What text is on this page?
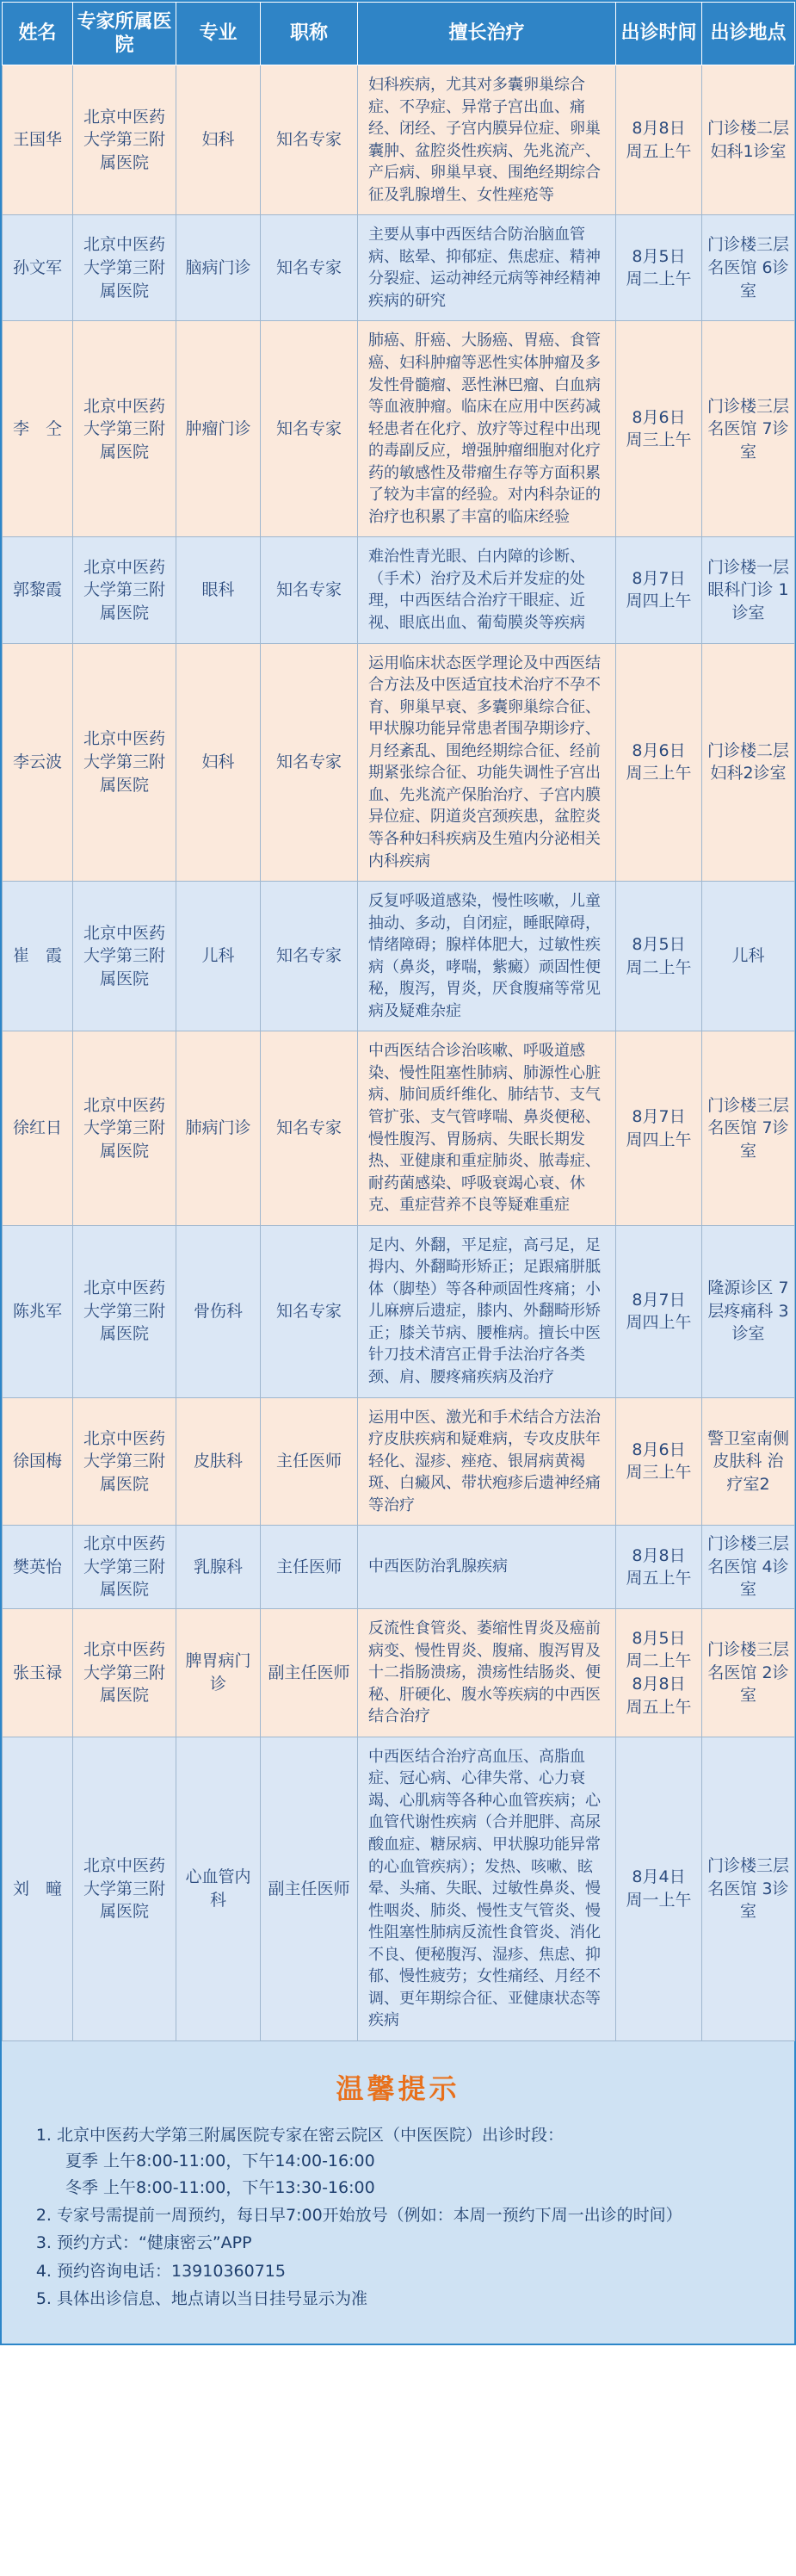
姓名	专家所属医院	专业	职称	擅长治疗	出诊时间	出诊地点
王国华	北京中医药大学第三附属医院	妇科	知名专家	妇科疾病，尤其对多囊卵巢综合症、不孕症、异常子宫出血、痛经、闭经、子宫内膜异位症、卵巢囊肿、盆腔炎性疾病、先兆流产、产后病、卵巢早衰、围绝经期综合征及乳腺增生、女性痤疮等	8月8日 周五上午	门诊楼二层 妇科1诊室
孙文军	北京中医药大学第三附属医院	脑病门诊	知名专家	主要从事中西医结合防治脑血管病、眩晕、抑郁症、焦虑症、精神分裂症、运动神经元病等神经精神疾病的研究	8月5日 周二上午	门诊楼三层 名医馆 6诊室
李　仝	北京中医药大学第三附属医院	肿瘤门诊	知名专家	肺癌、肝癌、大肠癌、胃癌、食管癌、妇科肿瘤等恶性实体肿瘤及多发性骨髓瘤、恶性淋巴瘤、白血病等血液肿瘤。临床在应用中医药减轻患者在化疗、放疗等过程中出现的毒副反应，增强肿瘤细胞对化疗药的敏感性及带瘤生存等方面积累了较为丰富的经验。对内科杂证的治疗也积累了丰富的临床经验	8月6日 周三上午	门诊楼三层 名医馆 7诊室
郭黎霞	北京中医药大学第三附属医院	眼科	知名专家	难治性青光眼、白内障的诊断、（手术）治疗及术后并发症的处理，中西医结合治疗干眼症、近视、眼底出血、葡萄膜炎等疾病	8月7日 周四上午	门诊楼一层 眼科门诊 1诊室
李云波	北京中医药大学第三附属医院	妇科	知名专家	运用临床状态医学理论及中西医结合方法及中医适宜技术治疗不孕不育、卵巢早衰、多囊卵巢综合征、甲状腺功能异常患者围孕期诊疗、月经紊乱、围绝经期综合征、经前期紧张综合征、功能失调性子宫出血、先兆流产保胎治疗、子宫内膜异位症、阴道炎宫颈疾患，盆腔炎等各种妇科疾病及生殖内分泌相关内科疾病	8月6日 周三上午	门诊楼二层 妇科2诊室
崔　霞	北京中医药大学第三附属医院	儿科	知名专家	反复呼吸道感染，慢性咳嗽，儿童抽动、多动，自闭症，睡眠障碍，情绪障碍；腺样体肥大，过敏性疾病（鼻炎，哮喘，紫癜）顽固性便秘，腹泻，胃炎，厌食腹痛等常见病及疑难杂症	8月5日 周二上午	儿科
徐红日	北京中医药大学第三附属医院	肺病门诊	知名专家	中西医结合诊治咳嗽、呼吸道感染、慢性阻塞性肺病、肺源性心脏病、肺间质纤维化、肺结节、支气管扩张、支气管哮喘、鼻炎便秘、慢性腹泻、胃肠病、失眠长期发热、亚健康和重症肺炎、脓毒症、耐药菌感染、呼吸衰竭心衰、休克、重症营养不良等疑难重症	8月7日 周四上午	门诊楼三层 名医馆 7诊室
陈兆军	北京中医药大学第三附属医院	骨伤科	知名专家	足内、外翻，平足症，高弓足，足拇内、外翻畸形矫正；足跟痛胼胝体（脚垫）等各种顽固性疼痛；小儿麻痹后遗症，膝内、外翻畸形矫正；膝关节病、腰椎病。擅长中医针刀技术清宫正骨手法治疗各类颈、肩、腰疼痛疾病及治疗	8月7日 周四上午	隆源诊区 7层疼痛科 3诊室
徐国梅	北京中医药大学第三附属医院	皮肤科	主任医师	运用中医、激光和手术结合方法治疗皮肤疾病和疑难病，专攻皮肤年轻化、湿疹、痤疮、银屑病黄褐斑、白癜风、带状疱疹后遗神经痛等治疗	8月6日 周三上午	警卫室南侧 皮肤科 治疗室2
樊英怡	北京中医药大学第三附属医院	乳腺科	主任医师	中西医防治乳腺疾病	8月8日 周五上午	门诊楼三层 名医馆 4诊室
张玉禄	北京中医药大学第三附属医院	脾胃病门诊	副主任医师	反流性食管炎、萎缩性胃炎及癌前病变、慢性胃炎、腹痛、腹泻胃及十二指肠溃疡，溃疡性结肠炎、便秘、肝硬化、腹水等疾病的中西医结合治疗	8月5日 周二上午 8月8日 周五上午	门诊楼三层 名医馆 2诊室
刘　疃	北京中医药大学第三附属医院	心血管内科	副主任医师	中西医结合治疗高血压、高脂血症、冠心病、心律失常、心力衰竭、心肌病等各种心血管疾病；心血管代谢性疾病（合并肥胖、高尿酸血症、糖尿病、甲状腺功能异常的心血管疾病）；发热、咳嗽、眩晕、头痛、失眠、过敏性鼻炎、慢性咽炎、肺炎、慢性支气管炎、慢性阻塞性肺病反流性食管炎、消化不良、便秘腹泻、湿疹、焦虑、抑郁、慢性疲劳；女性痛经、月经不调、更年期综合征、亚健康状态等疾病	8月4日 周一上午	门诊楼三层 名医馆 3诊室
温馨提示
1. 北京中医药大学第三附属医院专家在密云院区（中医医院）出诊时段：
夏季 上午8:00-11:00，下午14:00-16:00
冬季 上午8:00-11:00，下午13:30-16:00
2. 专家号需提前一周预约，每日早7:00开始放号（例如：本周一预约下周一出诊的时间）
3. 预约方式：“健康密云”APP
4. 预约咨询电话：13910360715
5. 具体出诊信息、地点请以当日挂号显示为准
